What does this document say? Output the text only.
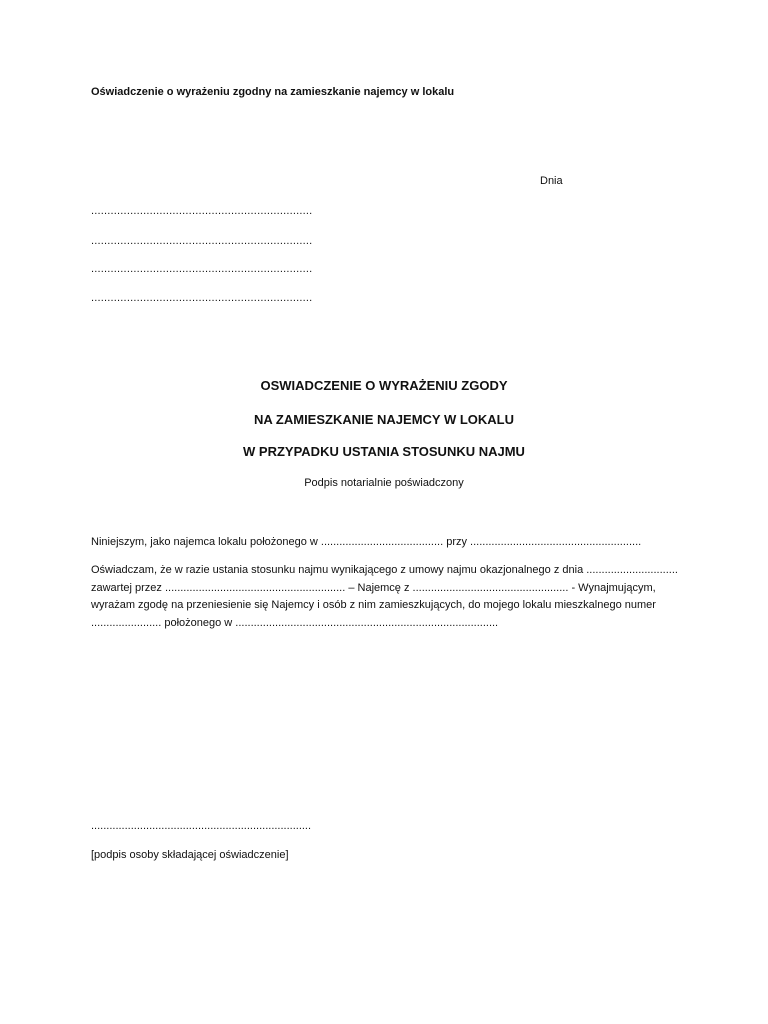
Oświadczenie o wyrażeniu zgodny na zamieszkanie najemcy w lokalu
Dnia
....................................................................
....................................................................
....................................................................
....................................................................
OSWIADCZENIE O WYRAŻENIU ZGODY
NA ZAMIESZKANIE NAJEMCY W LOKALU
W PRZYPADKU USTANIA STOSUNKU NAJMU
Podpis notarialnie poświadczony
Niniejszym, jako najemca lokalu położonego w ........................................ przy ........................................................
Oświadczam, że w razie ustania stosunku najmu wynikającego z umowy najmu okazjonalnego z dnia .............................. zawartej przez ........................................................... – Najemcę z ................................................... - Wynajmującym, wyrażam zgodę na przeniesienie się Najemcy i osób z nim zamieszkujących, do mojego lokalu mieszkalnego numer ....................... położonego w ......................................................................................
........................................................................
[podpis osoby składającej oświadczenie]
